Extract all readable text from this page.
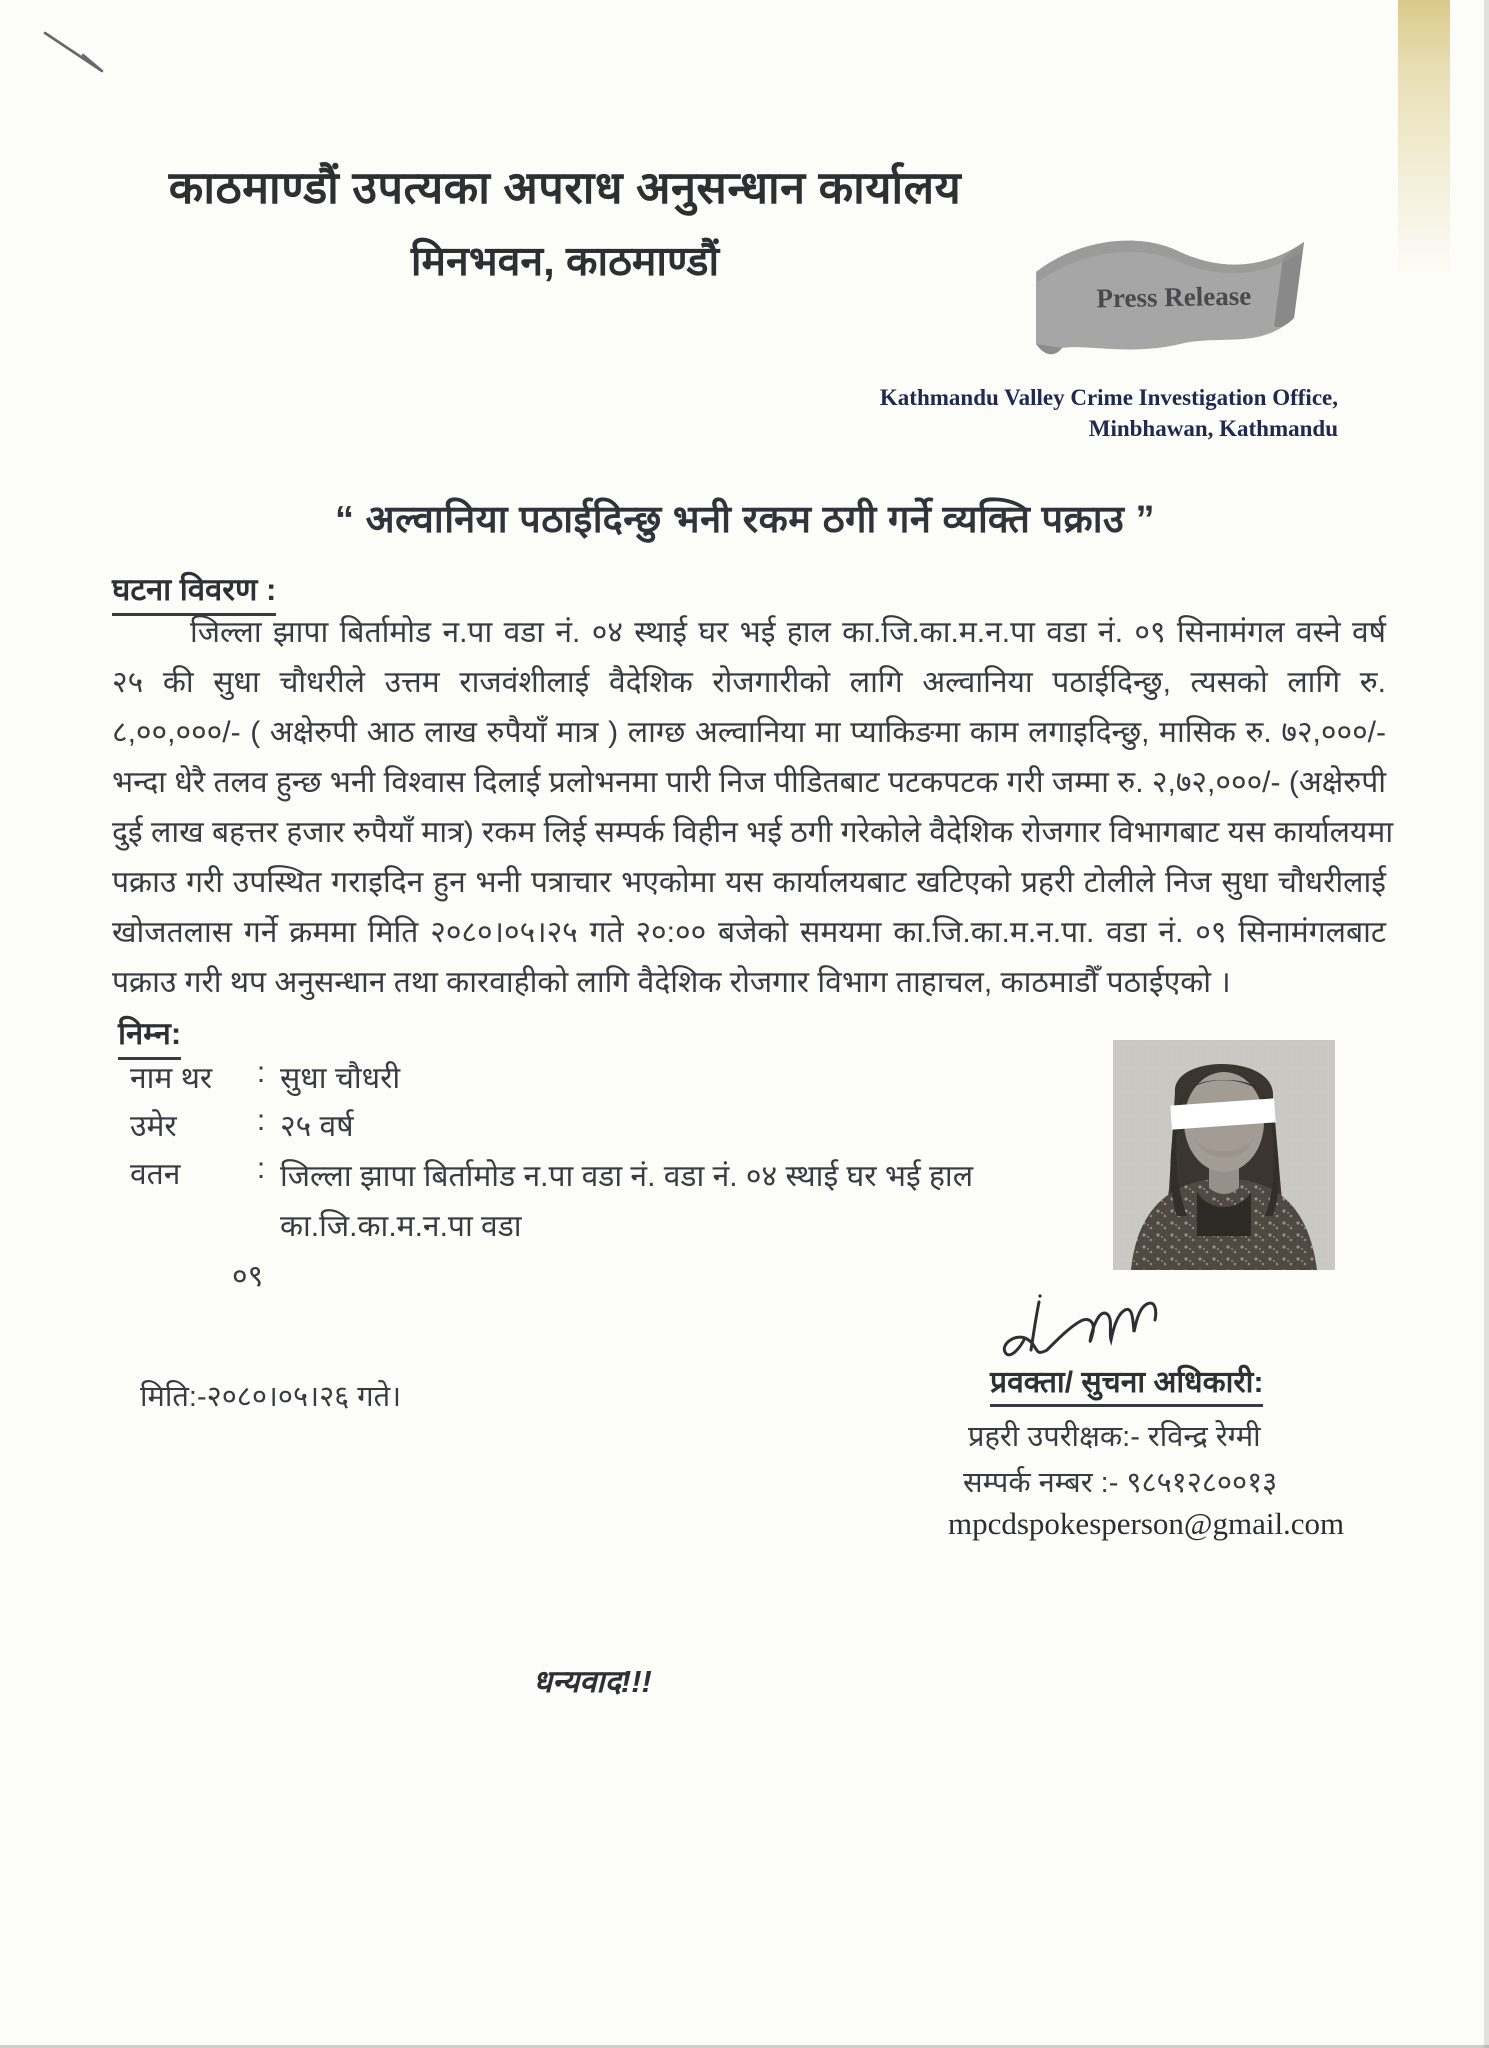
काठमाण्डौं उपत्यका अपराध अनुसन्धान कार्यालय
मिनभवन, काठमाण्डौं
Press Release
Kathmandu Valley Crime Investigation Office,
Minbhawan, Kathmandu
“ अल्वानिया पठाईदिन्छु भनी रकम ठगी गर्ने व्यक्ति पक्राउ ”
घटना विवरण :
जिल्ला झापा बिर्तामोड न.पा वडा नं. ०४ स्थाई घर भई हाल का.जि.का.म.न.पा वडा नं. ०९ सिनामंगल वस्ने वर्ष
२५ की सुधा चौधरीले उत्तम राजवंशीलाई वैदेशिक रोजगारीको लागि अल्वानिया पठाईदिन्छु, त्यसको लागि रु.
८,००,०००/- ( अक्षेरुपी आठ लाख रुपैयाँ मात्र ) लाग्छ अल्वानिया मा प्याकिङमा काम लगाइदिन्छु, मासिक रु. ७२,०००/-
भन्दा धेरै तलव हुन्छ भनी विश्वास दिलाई प्रलोभनमा पारी निज पीडितबाट पटकपटक गरी जम्मा रु. २,७२,०००/- (अक्षेरुपी
दुई लाख बहत्तर हजार रुपैयाँ मात्र) रकम लिई सम्पर्क विहीन भई ठगी गरेकोले वैदेशिक रोजगार विभागबाट यस कार्यालयमा
पक्राउ गरी उपस्थित गराइदिन हुन भनी पत्राचार भएकोमा यस कार्यालयबाट खटिएको प्रहरी टोलीले निज सुधा चौधरीलाई
खोजतलास गर्ने क्रममा मिति २०८०।०५।२५ गते २०:०० बजेको समयमा का.जि.का.म.न.पा. वडा नं. ०९ सिनामंगलबाट
पक्राउ गरी थप अनुसन्धान तथा कारवाहीको लागि वैदेशिक रोजगार विभाग ताहाचल, काठमाडौँ पठाईएको ।
निम्न:
नाम थर	: सुधा चौधरी
उमेर	: २५ वर्ष
वतन	: जिल्ला झापा बिर्तामोड न.पा वडा नं. वडा नं. ०४ स्थाई घर भई हाल का.जि.का.म.न.पा वडा
०९
प्रवक्ता/ सुचना अधिकारी:
प्रहरी उपरीक्षक:- रविन्द्र रेग्मी
सम्पर्क नम्बर :- ९८५१२८००१३
mpcdspokesperson@gmail.com
मिति:-२०८०।०५।२६ गते।
धन्यवाद!!!
